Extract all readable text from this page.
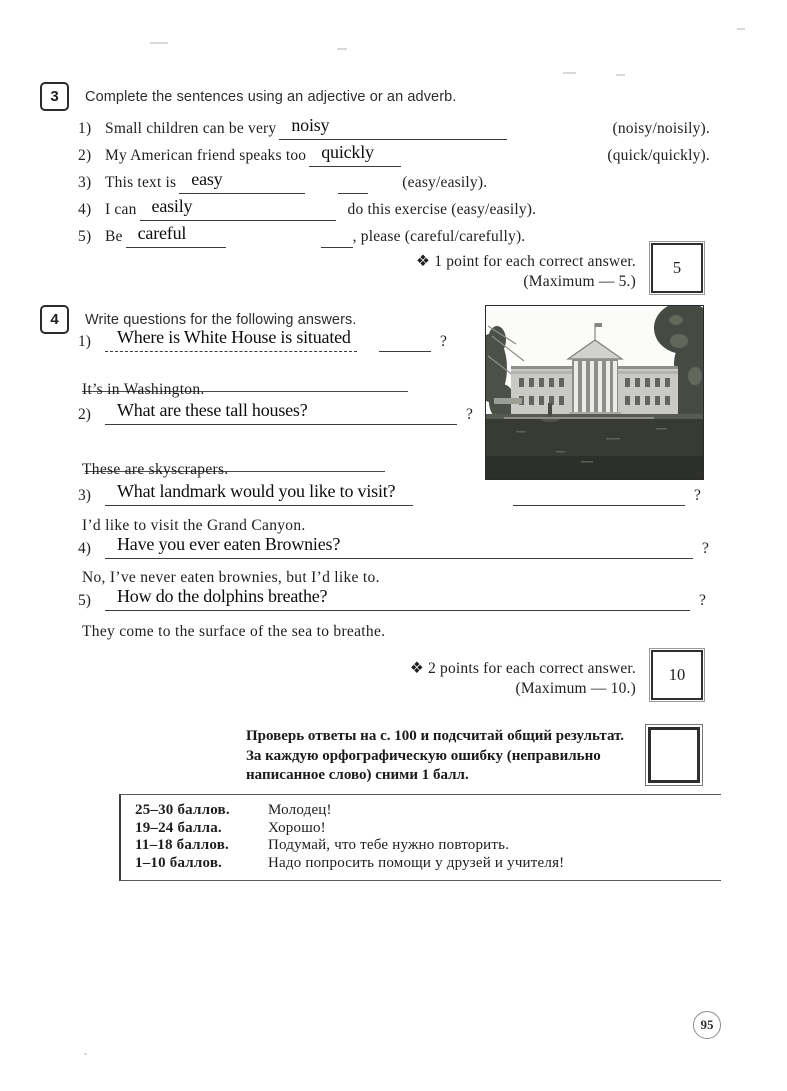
3	Complete the sentences using an adjective or an adverb.
1) Small children can be very noisy	(noisy/noisily).
2) My American friend speaks too quickly	(quick/quickly).
3) This text is easy	(easy/easily).
4) I can easily	do this exercise (easy/easily).
5) Be careful	, please (careful/carefully).
❖ 1 point for each correct answer.
(Maximum — 5.)
5
4	Write questions for the following answers.
1)	Where is White House is situated	?
It’s in Washington.
2)	What are these tall houses?	?
These are skyscrapers.
3)	What landmark would you like to visit?	?
I’d like to visit the Grand Canyon.
4)	Have you ever eaten Brownies?	?
No, I’ve never eaten brownies, but I’d like to.
5)	How do the dolphins breathe?	?
They come to the surface of the sea to breathe.
❖ 2 points for each correct answer.
(Maximum — 10.)
10
Проверь ответы на с. 100 и подсчитай общий результат.
За каждую орфографическую ошибку (неправильно
написанное слово) сними 1 балл.
25–30 баллов.	Молодец!
19–24 балла.	Хорошо!
11–18 баллов.	Подумай, что тебе нужно повторить.
1–10 баллов.	Надо попросить помощи у друзей и учителя!
95
